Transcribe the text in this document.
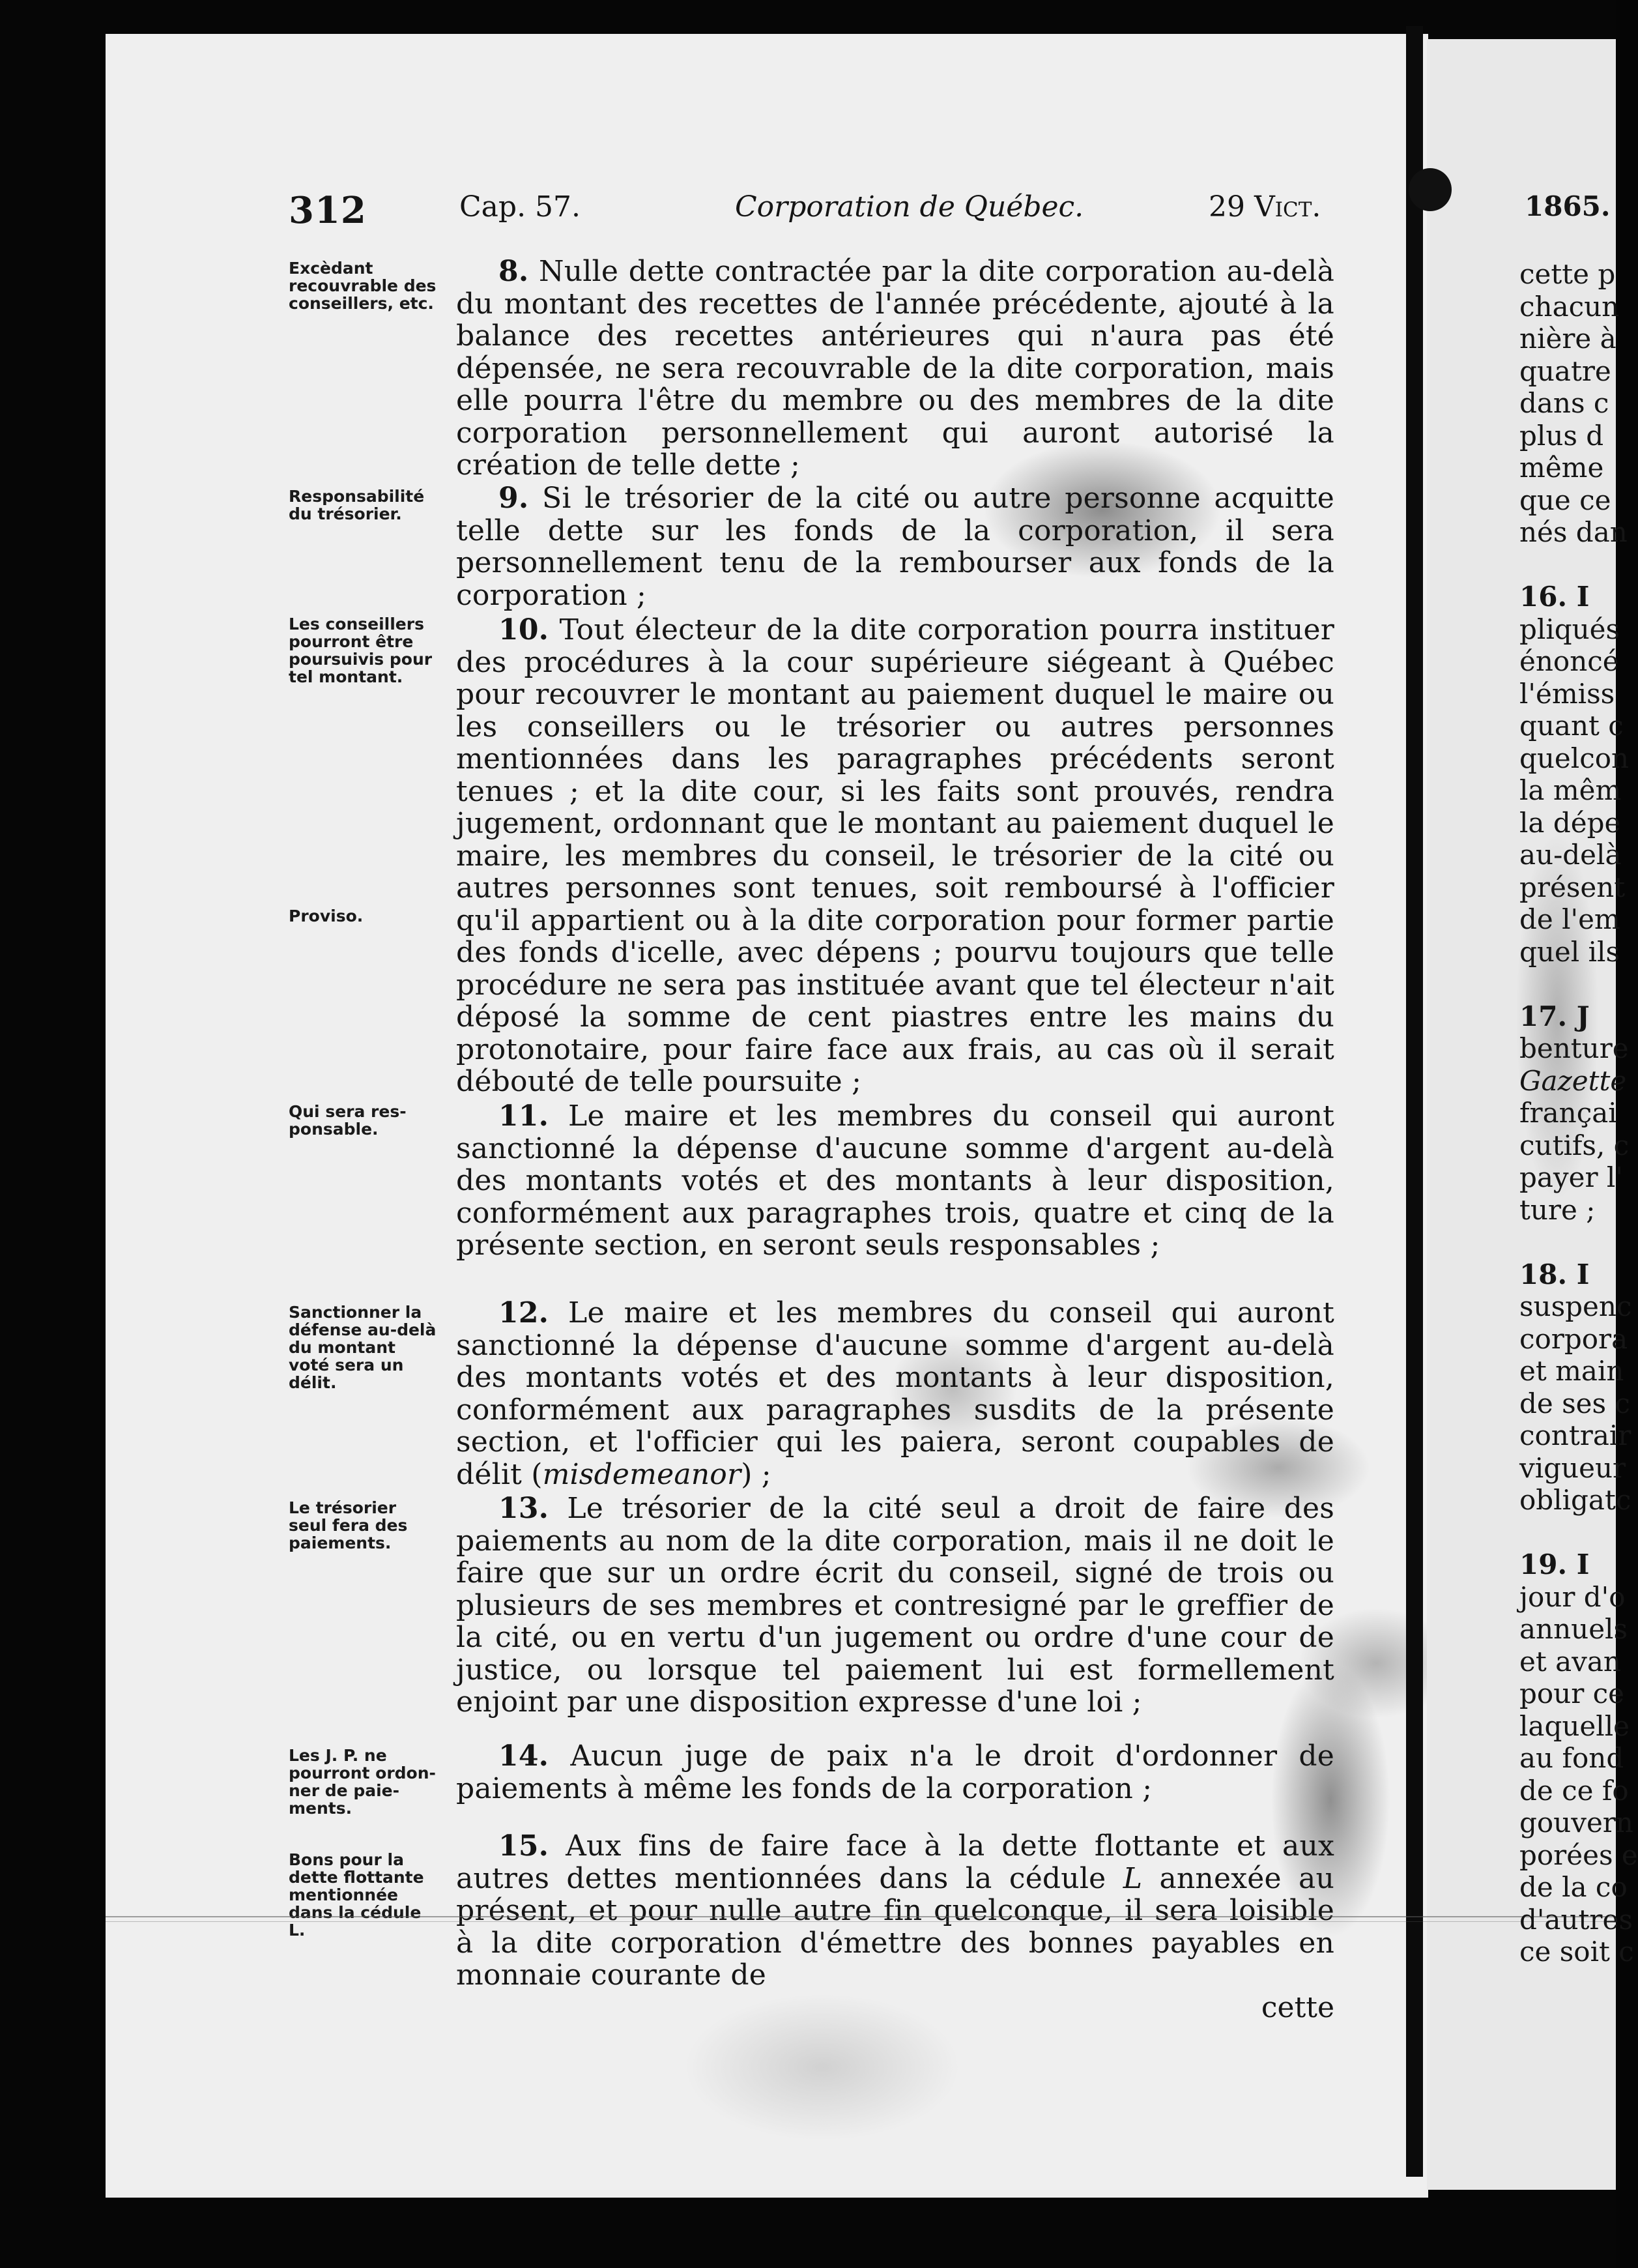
312	Cap. 57.	Corporation de Québec.	29 Vict.
Excèdant
recouvrable des
conseillers, etc.

8. Nulle dette contractée par la dite corporation au-delà du montant des recettes de l'année précédente, ajouté à la balance des recettes antérieures qui n'aura pas été dépensée, ne sera recouvrable de la dite corporation, mais elle pourra l'être du membre ou des membres de la dite corporation personnellement qui auront autorisé la création de telle dette ;

Responsabilité
du trésorier.	9. Si le trésorier de la cité ou autre personne acquitte telle dette sur les fonds de la corporation, il sera personnellement tenu de la rembourser aux fonds de la corporation ;

Les conseillers
pourront être
poursuivis pour
tel montant.
Proviso.

10. Tout électeur de la dite corporation pourra instituer des procédures à la cour supérieure siégeant à Québec pour recouvrer le montant au paiement duquel le maire ou les conseillers ou le trésorier ou autres personnes mentionnées dans les paragraphes précédents seront tenues ; et la dite cour, si les faits sont prouvés, rendra jugement, ordonnant que le montant au paiement duquel le maire, les membres du conseil, le trésorier de la cité ou autres personnes sont tenues, soit remboursé à l'officier qu'il appartient ou à la dite corporation pour former partie des fonds d'icelle, avec dépens ; pourvu toujours que telle procédure ne sera pas instituée avant que tel électeur n'ait déposé la somme de cent piastres entre les mains du protonotaire, pour faire face aux frais, au cas où il serait débouté de telle poursuite ;

Qui sera res-
ponsable.	11. Le maire et les membres du conseil qui auront sanctionné la dépense d'aucune somme d'argent au-delà des montants votés et des montants à leur disposition, conformément aux paragraphes trois, quatre et cinq de la présente section, en seront seuls responsables ;

Sanctionner la
défense au-delà
du montant
voté sera un
délit.

12. Le maire et les membres du conseil qui auront sanctionné la dépense d'aucune somme d'argent au-delà des montants votés et des montants à leur disposition, conformément aux paragraphes susdits de la présente section, et l'officier qui les paiera, seront coupables de délit (misdemeanor) ;

Le trésorier
seul fera des
paiements.

13. Le trésorier de la cité seul a droit de faire des paiements au nom de la dite corporation, mais il ne doit le faire que sur un ordre écrit du conseil, signé de trois ou plusieurs de ses membres et contresigné par le greffier de la cité, ou en vertu d'un jugement ou ordre d'une cour de justice, ou lorsque tel paiement lui est formellement enjoint par une disposition expresse d'une loi ;

Les J. P. ne
pourront ordon-
ner de paie-
ments.

14. Aucun juge de paix n'a le droit d'ordonner de paiements à même les fonds de la corporation ;

Bons pour la
dette flottante
mentionnée
dans la cédule
L.

15. Aux fins de faire face à la dette flottante et aux autres dettes mentionnées dans la cédule L annexée au présent, et pour nulle autre fin quelconque, il sera loisible à la dite corporation d'émettre des bonnes payables en monnaie courante de

cette
1865.
cette p
chacun
nière à
quatre
dans c
plus d
même
que ce
nés dan
16. I
pliqués
énoncé
l'émiss
quant c
quelcon
la mêm
la dépe
au-delà
présent
de l'em
quel ils
17. J
benture
Gazette
françai
cutifs, c
payer l'
ture ;
18. I
suspenc
corpora
et main
de ses c
contrair
vigueur
obligatc
19. I
jour d'o
annuels
et avan
pour ce
laquelle
au fond
de ce fo
gouvern
porées e
de la co
d'autres
ce soit c
